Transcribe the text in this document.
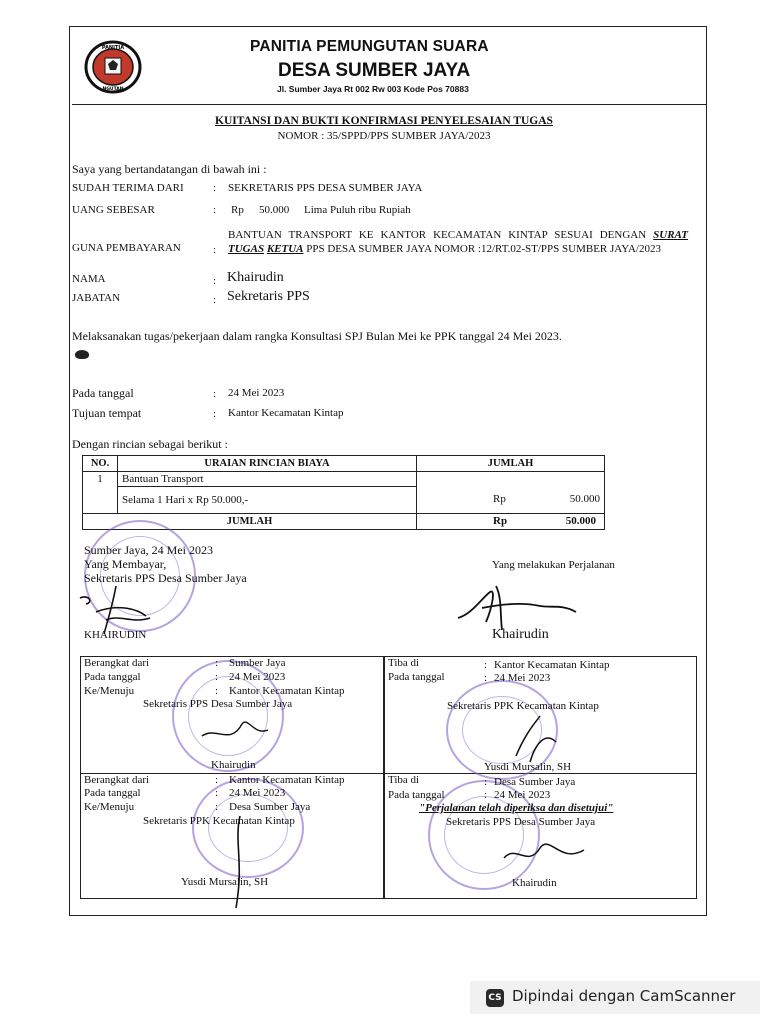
PANITIA
NGUTAN
PANITIA PEMUNGUTAN SUARA
DESA SUMBER JAYA
Jl. Sumber Jaya Rt 002 Rw 003 Kode Pos 70883
KUITANSI DAN BUKTI KONFIRMASI PENYELESAIAN TUGAS
NOMOR : 35/SPPD/PPS SUMBER JAYA/2023
Saya yang bertandatangan di bawah ini :
SUDAH TERIMA DARI	: SEKRETARIS PPS DESA SUMBER JAYA
UANG SEBESAR	: Rp 50.000 Lima Puluh ribu Rupiah
GUNA PEMBAYARAN	:
BANTUAN TRANSPORT KE KANTOR KECAMATAN KINTAP SESUAI DENGAN SURAT TUGAS KETUA PPS DESA SUMBER JAYA NOMOR :12/RT.02-ST/PPS SUMBER JAYA/2023
NAMA	: Khairudin
JABATAN	: Sekretaris PPS
Melaksanakan tugas/pekerjaan dalam rangka Konsultasi SPJ Bulan Mei ke PPK tanggal 24 Mei 2023.
Pada tanggal	: 24 Mei 2023
Tujuan tempat	: Kantor Kecamatan Kintap
Dengan rincian sebagai berikut :
NO.	URAIAN RINCIAN BIAYA	JUMLAH
1	Bantuan Transport	
	Selama 1 Hari x Rp 50.000,-	Rp 50.000

JUMLAH		Rp 50.000
Sumber Jaya, 24 Mei 2023
Yang Membayar,
Sekretaris PPS Desa Sumber Jaya
KHAIRUDIN
Yang melakukan Perjalanan
Khairudin
Berangkat dari	: Sumber Jaya
Pada tanggal	: 24 Mei 2023
Ke/Menuju	: Kantor Kecamatan Kintap
Sekretaris PPS Desa Sumber Jaya
Khairudin
Tiba di	: Kantor Kecamatan Kintap
Pada tanggal	: 24 Mei 2023
Sekretaris PPK Kecamatan Kintap
Yusdi Mursalin, SH
Berangkat dari	: Kantor Kecamatan Kintap
Pada tanggal	: 24 Mei 2023
Ke/Menuju	: Desa Sumber Jaya
Sekretaris PPK Kecamatan Kintap
Yusdi Mursalin, SH
Tiba di	: Desa Sumber Jaya
Pada tanggal	: 24 Mei 2023
"Perjalanan telah diperiksa dan disetujui"
Sekretaris PPS Desa Sumber Jaya
Khairudin
CS Dipindai dengan CamScanner
